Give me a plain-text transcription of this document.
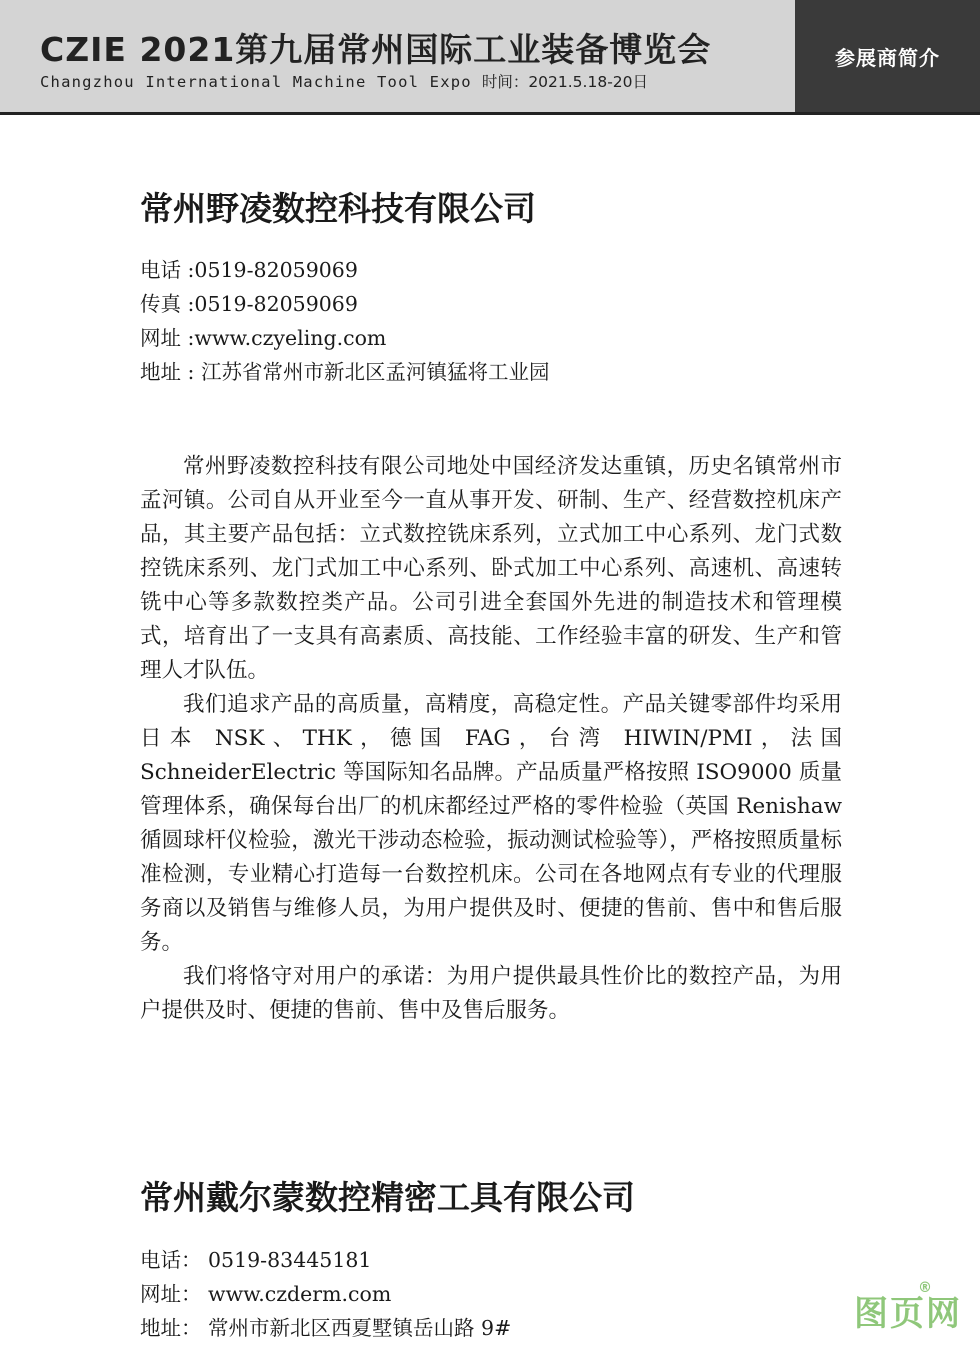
CZIE 2021第九届常州国际工业装备博览会
Changzhou International Machine Tool Expo 时间：2021.5.18-20日
参展商简介
常州野凌数控科技有限公司
电话 :0519-82059069
传真 :0519-82059069
网址 :www.czyeling.com
地址 : 江苏省常州市新北区孟河镇猛将工业园

常州野凌数控科技有限公司地处中国经济发达重镇，历史名镇常州市孟河镇。公司自从开业至今一直从事开发、研制、生产、经营数控机床产品，其主要产品包括：立式数控铣床系列，立式加工中心系列、龙门式数控铣床系列、龙门式加工中心系列、卧式加工中心系列、高速机、高速转铣中心等多款数控类产品。公司引进全套国外先进的制造技术和管理模式，培育出了一支具有高素质、高技能、工作经验丰富的研发、生产和管理人才队伍。

我们追求产品的高质量，高精度，高稳定性。产品关键零部件均采用日本 NSK、THK，德国 FAG，台湾 HIWIN/PMI，法国 SchneiderElectric 等国际知名品牌。产品质量严格按照 ISO9000 质量管理体系，确保每台出厂的机床都经过严格的零件检验（英国 Renishaw 循圆球杆仪检验，激光干涉动态检验，振动测试检验等），严格按照质量标准检测，专业精心打造每一台数控机床。公司在各地网点有专业的代理服务商以及销售与维修人员，为用户提供及时、便捷的售前、售中和售后服务。

我们将恪守对用户的承诺：为用户提供最具性价比的数控产品，为用户提供及时、便捷的售前、售中及售后服务。

常州戴尔蒙数控精密工具有限公司
电话： 0519-83445181
网址： www.czderm.com
地址： 常州市新北区西夏墅镇岳山路 9#	图页网
®
